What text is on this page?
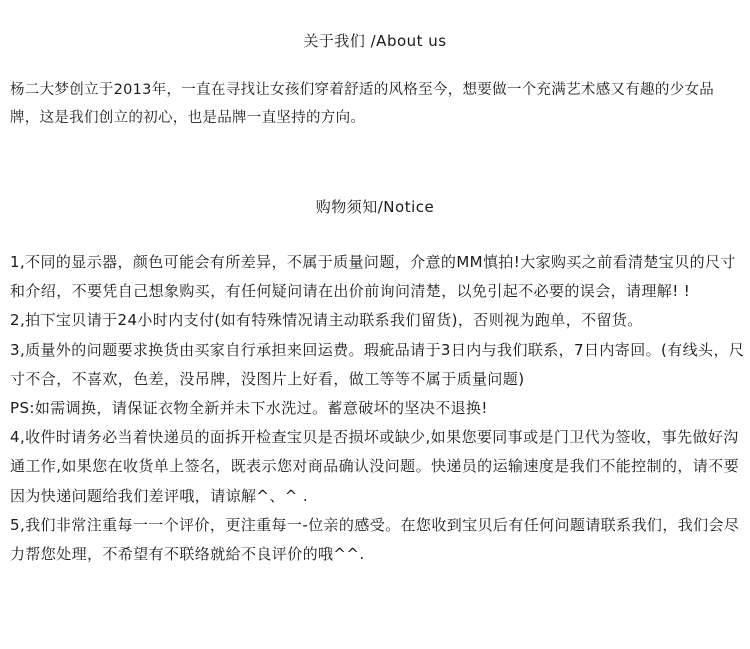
关于我们 /About us

杨二大梦创立于2013年，一直在寻找让女孩们穿着舒适的风格至今，想要做一个充满艺术感又有趣的少女品牌，这是我们创立的初心，也是品牌一直坚持的方向。

购物须知/Notice
1,不同的显示器，颜色可能会有所差异，不属于质量问题，介意的MM慎拍!大家购买之前看清楚宝贝的尺寸和介绍，不要凭自己想象购买，有任何疑问请在出价前询问清楚，以免引起不必要的误会，请理解! !
2,拍下宝贝请于24小时内支付(如有特殊情况请主动联系我们留货)，否则视为跑单，不留货。
3,质量外的问题要求换货由买家自行承担来回运费。瑕疵品请于3日内与我们联系，7日内寄回。(有线头，尺寸不合，不喜欢，色差，没吊牌，没图片上好看，做工等等不属于质量问题)
PS:如需调换，请保证衣物全新并未下水洗过。蓄意破坏的坚决不退换!
4,收件时请务必当着快递员的面拆开检查宝贝是否损坏或缺少,如果您要同事或是门卫代为签收，事先做好沟通工作,如果您在收货单上签名，既表示您对商品确认没问题。快递员的运输速度是我们不能控制的，请不要因为快递问题给我们差评哦，请谅解^、^ .
5,我们非常注重每一一个评价，更注重每一-位亲的感受。在您收到宝贝后有任何问题请联系我们，我们会尽力帮您处理，不希望有不联络就給不良评价的哦^^.
